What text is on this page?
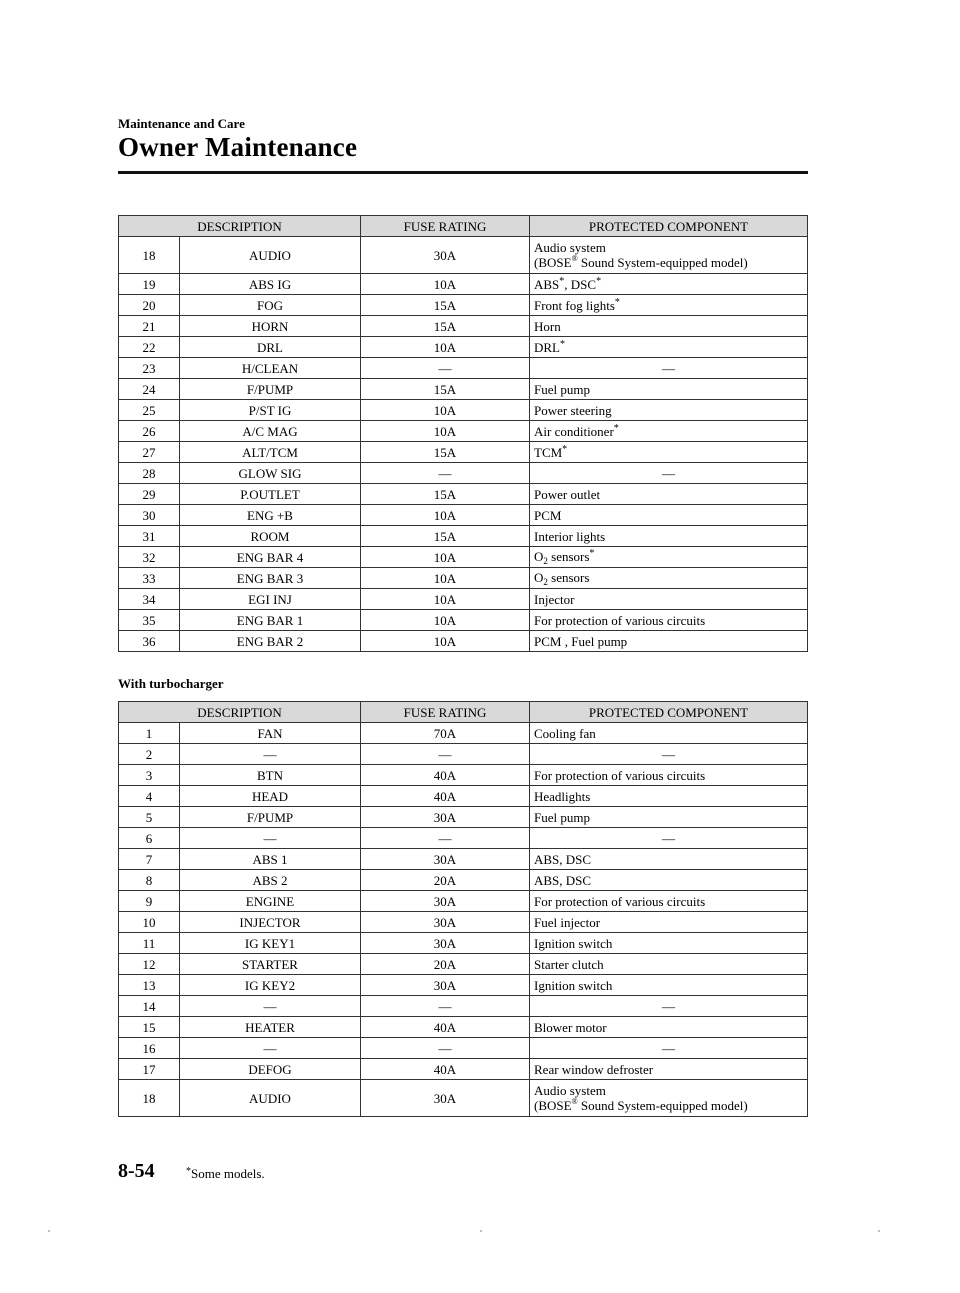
Maintenance and Care
Owner Maintenance
DESCRIPTION		FUSE RATING	PROTECTED COMPONENT
18	AUDIO	30A	Audio system
(BOSE® Sound System-equipped model)
19	ABS IG	10A	ABS*, DSC*
20	FOG	15A	Front fog lights*
21	HORN	15A	Horn
22	DRL	10A	DRL*
23	H/CLEAN	—	—
24	F/PUMP	15A	Fuel pump
25	P/ST IG	10A	Power steering
26	A/C MAG	10A	Air conditioner*
27	ALT/TCM	15A	TCM*
28	GLOW SIG	—	—
29	P.OUTLET	15A	Power outlet
30	ENG +B	10A	PCM
31	ROOM	15A	Interior lights
32	ENG BAR 4	10A	$O_2$ sensors*
33	ENG BAR 3	10A	$O_2$ sensors
34	EGI INJ	10A	Injector
35	ENG BAR 1	10A	For protection of various circuits
36	ENG BAR 2	10A	PCM , Fuel pump
With turbocharger
DESCRIPTION		FUSE RATING	PROTECTED COMPONENT
1	FAN	70A	Cooling fan
2	—	—	—
3	BTN	40A	For protection of various circuits
4	HEAD	40A	Headlights
5	F/PUMP	30A	Fuel pump
6	—	—	—
7	ABS 1	30A	ABS, DSC
8	ABS 2	20A	ABS, DSC
9	ENGINE	30A	For protection of various circuits
10	INJECTOR	30A	Fuel injector
11	IG KEY1	30A	Ignition switch
12	STARTER	20A	Starter clutch
13	IG KEY2	30A	Ignition switch
14	—	—	—
15	HEATER	40A	Blower motor
16	—	—	—
17	DEFOG	40A	Rear window defroster
18	AUDIO	30A	Audio system
(BOSE® Sound System-equipped model)
8-54	*Some models.
